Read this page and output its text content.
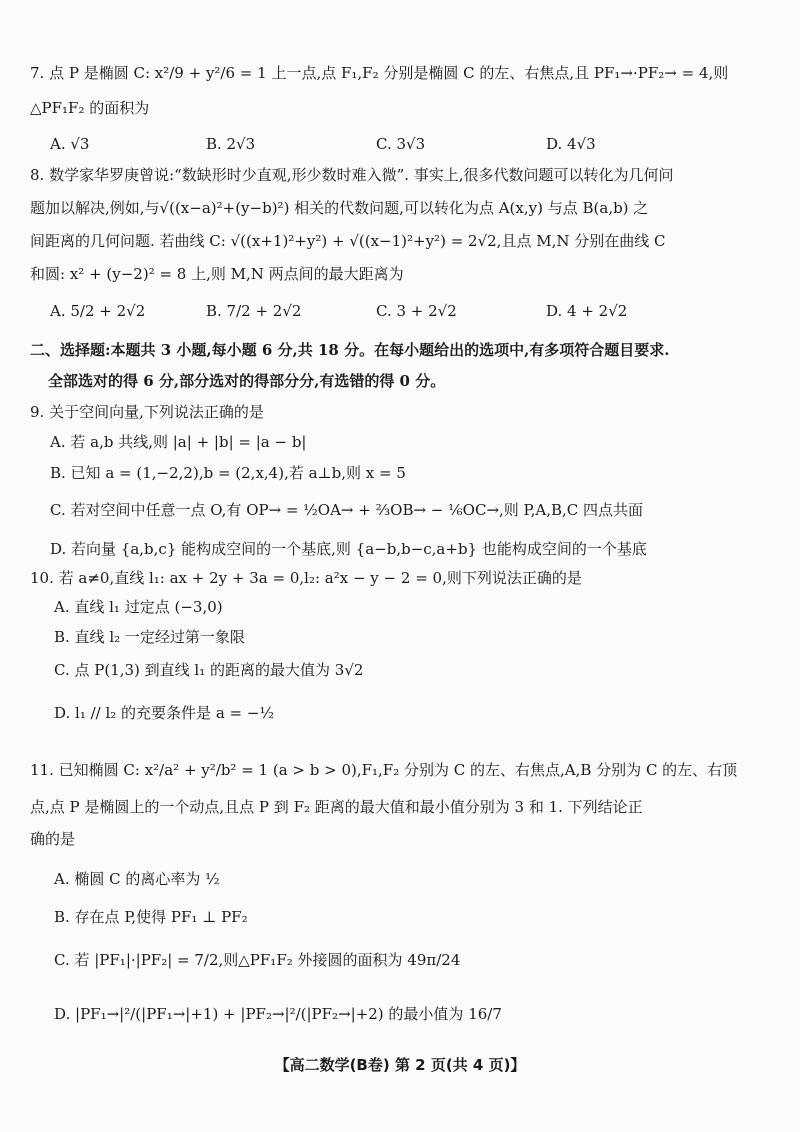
7. 点 P 是椭圆 C: x²/9 + y²/6 = 1 上一点,点 F₁,F₂ 分别是椭圆 C 的左、右焦点,且 PF₁→·PF₂→ = 4,则
△PF₁F₂ 的面积为
A. √3	B. 2√3	C. 3√3	D. 4√3
8. 数学家华罗庚曾说:“数缺形时少直观,形少数时难入微”. 事实上,很多代数问题可以转化为几何问
题加以解决,例如,与√((x−a)²+(y−b)²) 相关的代数问题,可以转化为点 A(x,y) 与点 B(a,b) 之
间距离的几何问题. 若曲线 C: √((x+1)²+y²) + √((x−1)²+y²) = 2√2,且点 M,N 分别在曲线 C
和圆: x² + (y−2)² = 8 上,则 M,N 两点间的最大距离为
A. 5/2 + 2√2	B. 7/2 + 2√2	C. 3 + 2√2	D. 4 + 2√2
二、选择题:本题共 3 小题,每小题 6 分,共 18 分。在每小题给出的选项中,有多项符合题目要求.
全部选对的得 6 分,部分选对的得部分分,有选错的得 0 分。
9. 关于空间向量,下列说法正确的是
A. 若 a,b 共线,则 |a| + |b| = |a − b|
B. 已知 a = (1,−2,2),b = (2,x,4),若 a⊥b,则 x = 5
C. 若对空间中任意一点 O,有 OP→ = ½OA→ + ⅔OB→ − ⅙OC→,则 P,A,B,C 四点共面
D. 若向量 {a,b,c} 能构成空间的一个基底,则 {a−b,b−c,a+b} 也能构成空间的一个基底
10. 若 a≠0,直线 l₁: ax + 2y + 3a = 0,l₂: a²x − y − 2 = 0,则下列说法正确的是
A. 直线 l₁ 过定点 (−3,0)
B. 直线 l₂ 一定经过第一象限
C. 点 P(1,3) 到直线 l₁ 的距离的最大值为 3√2
D. l₁ // l₂ 的充要条件是 a = −½
11. 已知椭圆 C: x²/a² + y²/b² = 1 (a > b > 0),F₁,F₂ 分别为 C 的左、右焦点,A,B 分别为 C 的左、右顶
点,点 P 是椭圆上的一个动点,且点 P 到 F₂ 距离的最大值和最小值分别为 3 和 1. 下列结论正
确的是
A. 椭圆 C 的离心率为 ½
B. 存在点 P,使得 PF₁ ⊥ PF₂
C. 若 |PF₁|·|PF₂| = 7/2,则△PF₁F₂ 外接圆的面积为 49π/24
D. |PF₁→|²/(|PF₁→|+1) + |PF₂→|²/(|PF₂→|+2) 的最小值为 16/7
【高二数学(B卷) 第 2 页(共 4 页)】
